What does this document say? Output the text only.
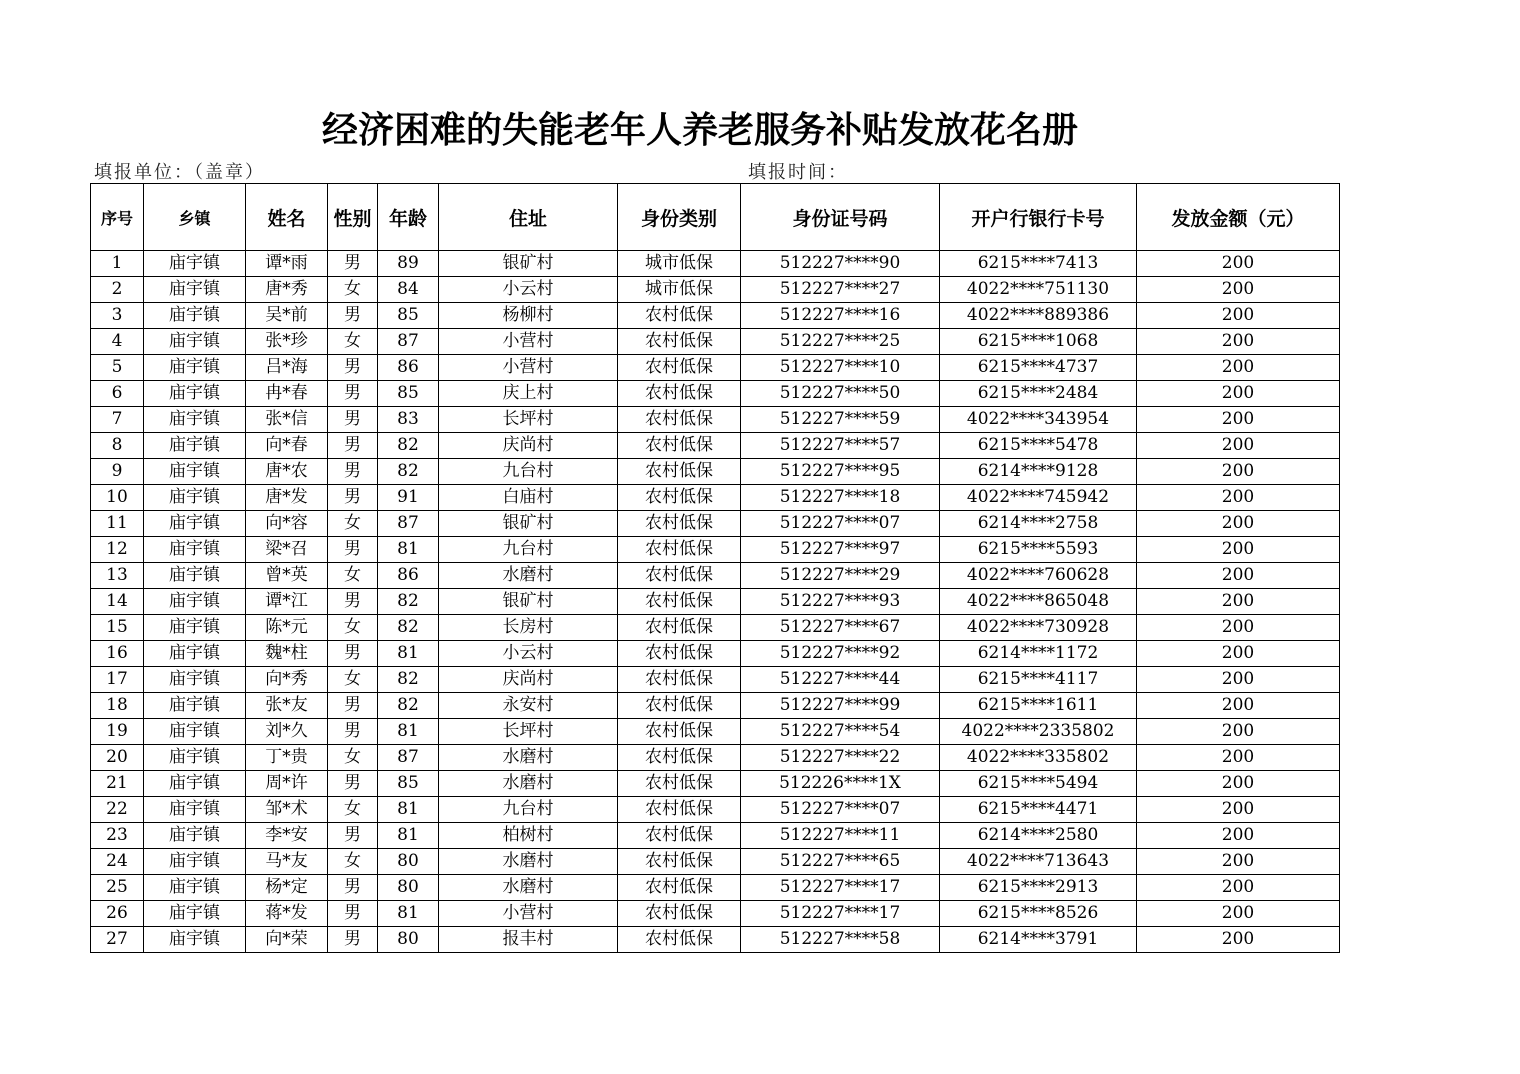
经济困难的失能老年人养老服务补贴发放花名册
填报单位：（盖章）	填报时间：
序号	乡镇	姓名	性别	年龄	住址	身份类别	身份证号码	开户行银行卡号	发放金额（元）
1	庙宇镇	谭*雨	男	89	银矿村	城市低保	512227****90	6215****7413	200
2	庙宇镇	唐*秀	女	84	小云村	城市低保	512227****27	4022****751130	200
3	庙宇镇	吴*前	男	85	杨柳村	农村低保	512227****16	4022****889386	200
4	庙宇镇	张*珍	女	87	小营村	农村低保	512227****25	6215****1068	200
5	庙宇镇	吕*海	男	86	小营村	农村低保	512227****10	6215****4737	200
6	庙宇镇	冉*春	男	85	庆上村	农村低保	512227****50	6215****2484	200
7	庙宇镇	张*信	男	83	长坪村	农村低保	512227****59	4022****343954	200
8	庙宇镇	向*春	男	82	庆尚村	农村低保	512227****57	6215****5478	200
9	庙宇镇	唐*农	男	82	九台村	农村低保	512227****95	6214****9128	200
10	庙宇镇	唐*发	男	91	白庙村	农村低保	512227****18	4022****745942	200
11	庙宇镇	向*容	女	87	银矿村	农村低保	512227****07	6214****2758	200
12	庙宇镇	梁*召	男	81	九台村	农村低保	512227****97	6215****5593	200
13	庙宇镇	曾*英	女	86	水磨村	农村低保	512227****29	4022****760628	200
14	庙宇镇	谭*江	男	82	银矿村	农村低保	512227****93	4022****865048	200
15	庙宇镇	陈*元	女	82	长房村	农村低保	512227****67	4022****730928	200
16	庙宇镇	魏*柱	男	81	小云村	农村低保	512227****92	6214****1172	200
17	庙宇镇	向*秀	女	82	庆尚村	农村低保	512227****44	6215****4117	200
18	庙宇镇	张*友	男	82	永安村	农村低保	512227****99	6215****1611	200
19	庙宇镇	刘*久	男	81	长坪村	农村低保	512227****54	4022****2335802	200
20	庙宇镇	丁*贵	女	87	水磨村	农村低保	512227****22	4022****335802	200
21	庙宇镇	周*许	男	85	水磨村	农村低保	512226****1X	6215****5494	200
22	庙宇镇	邹*术	女	81	九台村	农村低保	512227****07	6215****4471	200
23	庙宇镇	李*安	男	81	柏树村	农村低保	512227****11	6214****2580	200
24	庙宇镇	马*友	女	80	水磨村	农村低保	512227****65	4022****713643	200
25	庙宇镇	杨*定	男	80	水磨村	农村低保	512227****17	6215****2913	200
26	庙宇镇	蒋*发	男	81	小营村	农村低保	512227****17	6215****8526	200
27	庙宇镇	向*荣	男	80	报丰村	农村低保	512227****58	6214****3791	200
